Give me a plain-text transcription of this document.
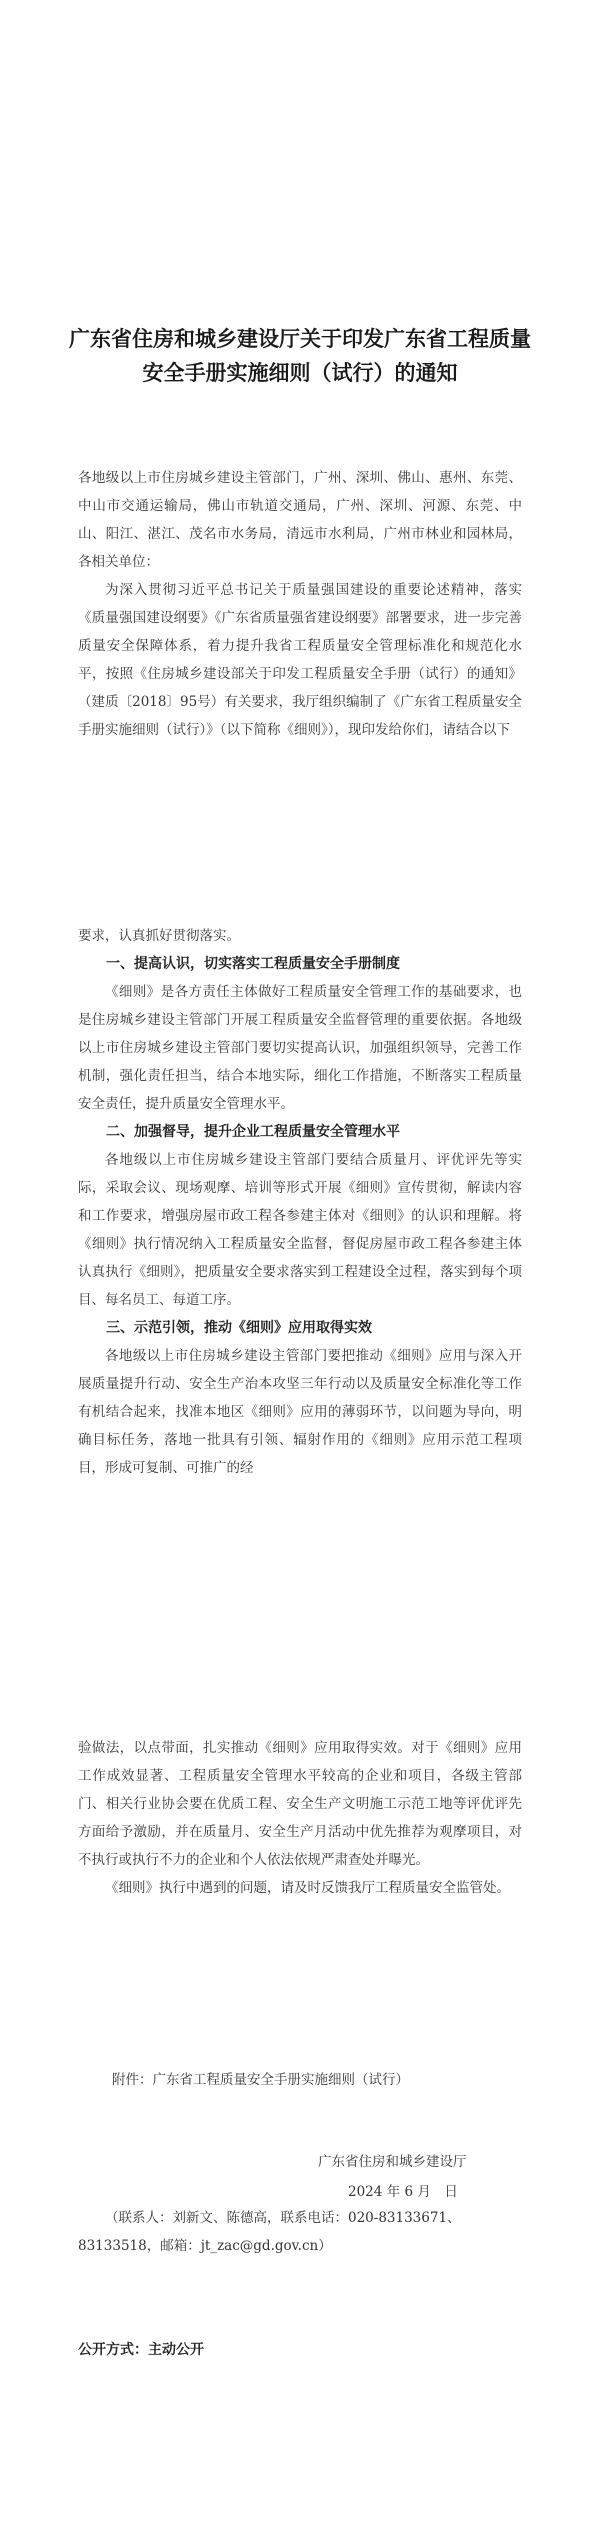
广东省住房和城乡建设厅关于印发广东省工程质量安全手册实施细则（试行）的通知

各地级以上市住房城乡建设主管部门，广州、深圳、佛山、惠州、东莞、中山市交通运输局，佛山市轨道交通局，广州、深圳、河源、东莞、中山、阳江、湛江、茂名市水务局，清远市水利局，广州市林业和园林局，各相关单位：

为深入贯彻习近平总书记关于质量强国建设的重要论述精神，落实《质量强国建设纲要》《广东省质量强省建设纲要》部署要求，进一步完善质量安全保障体系，着力提升我省工程质量安全管理标准化和规范化水平，按照《住房城乡建设部关于印发工程质量安全手册（试行）的通知》（建质〔2018〕95号）有关要求，我厅组织编制了《广东省工程质量安全手册实施细则（试行）》（以下简称《细则》），现印发给你们，请结合以下

要求，认真抓好贯彻落实。

一、提高认识，切实落实工程质量安全手册制度

《细则》是各方责任主体做好工程质量安全管理工作的基础要求，也是住房城乡建设主管部门开展工程质量安全监督管理的重要依据。各地级以上市住房城乡建设主管部门要切实提高认识，加强组织领导，完善工作机制，强化责任担当，结合本地实际，细化工作措施，不断落实工程质量安全责任，提升质量安全管理水平。

二、加强督导，提升企业工程质量安全管理水平

各地级以上市住房城乡建设主管部门要结合质量月、评优评先等实际，采取会议、现场观摩、培训等形式开展《细则》宣传贯彻，解读内容和工作要求，增强房屋市政工程各参建主体对《细则》的认识和理解。将《细则》执行情况纳入工程质量安全监督，督促房屋市政工程各参建主体认真执行《细则》，把质量安全要求落实到工程建设全过程，落实到每个项目、每名员工、每道工序。

三、示范引领，推动《细则》应用取得实效

各地级以上市住房城乡建设主管部门要把推动《细则》应用与深入开展质量提升行动、安全生产治本攻坚三年行动以及质量安全标准化等工作有机结合起来，找准本地区《细则》应用的薄弱环节，以问题为导向，明确目标任务，落地一批具有引领、辐射作用的《细则》应用示范工程项目，形成可复制、可推广的经

验做法，以点带面，扎实推动《细则》应用取得实效。对于《细则》应用工作成效显著、工程质量安全管理水平较高的企业和项目，各级主管部门、相关行业协会要在优质工程、安全生产文明施工示范工地等评优评先方面给予激励，并在质量月、安全生产月活动中优先推荐为观摩项目，对不执行或执行不力的企业和个人依法依规严肃查处并曝光。

《细则》执行中遇到的问题，请及时反馈我厅工程质量安全监管处。

附件：广东省工程质量安全手册实施细则（试行）
广东省住房和城乡建设厅
2024 年 6 月　日

（联系人：刘新文、陈德高，联系电话：020-83133671、

83133518，邮箱：jt_zac@gd.gov.cn）

公开方式：主动公开
